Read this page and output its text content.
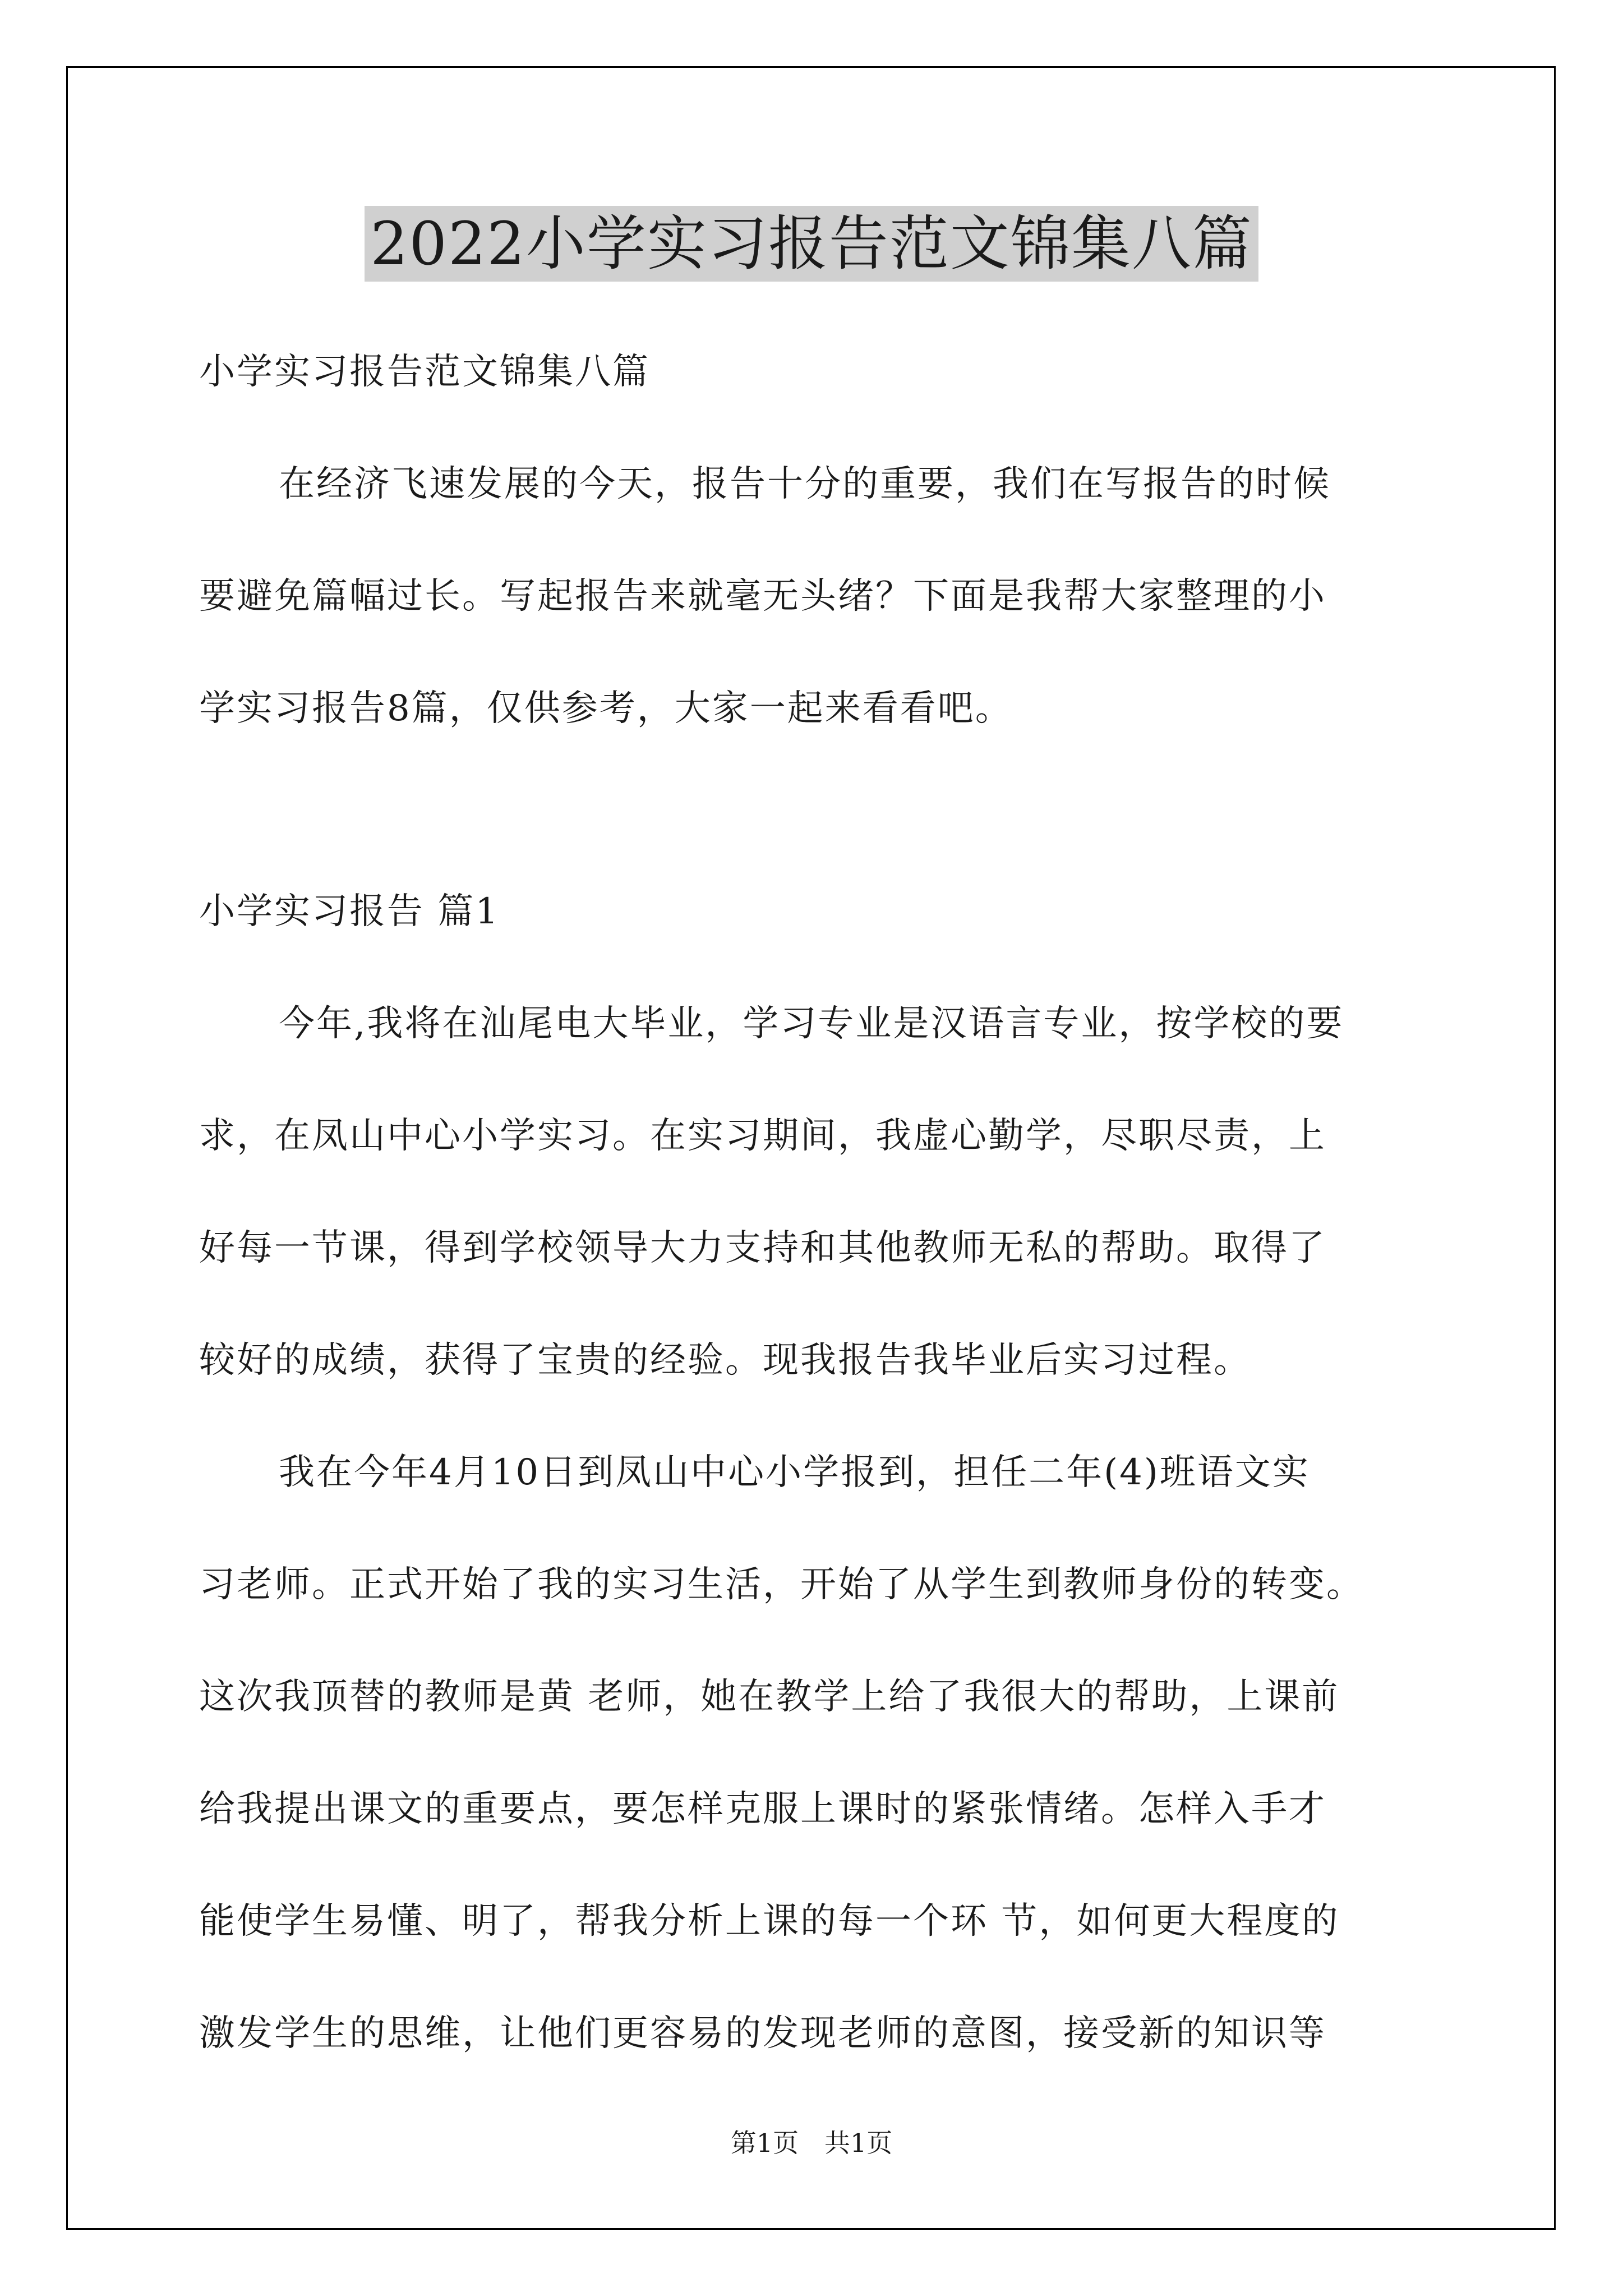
2022小学实习报告范文锦集八篇
小学实习报告范文锦集八篇
在经济飞速发展的今天，报告十分的重要，我们在写报告的时候
要避免篇幅过长。写起报告来就毫无头绪？下面是我帮大家整理的小
学实习报告8篇，仅供参考，大家一起来看看吧。
小学实习报告 篇1
今年,我将在汕尾电大毕业，学习专业是汉语言专业，按学校的要
求，在凤山中心小学实习。在实习期间，我虚心勤学，尽职尽责，上
好每一节课，得到学校领导大力支持和其他教师无私的帮助。取得了
较好的成绩，获得了宝贵的经验。现我报告我毕业后实习过程。
我在今年4月10日到凤山中心小学报到，担任二年(4)班语文实
习老师。正式开始了我的实习生活，开始了从学生到教师身份的转变。
这次我顶替的教师是黄 老师，她在教学上给了我很大的帮助，上课前
给我提出课文的重要点，要怎样克服上课时的紧张情绪。怎样入手才
能使学生易懂、明了，帮我分析上课的每一个环 节，如何更大程度的
激发学生的思维，让他们更容易的发现老师的意图，接受新的知识等
第1页　共1页
